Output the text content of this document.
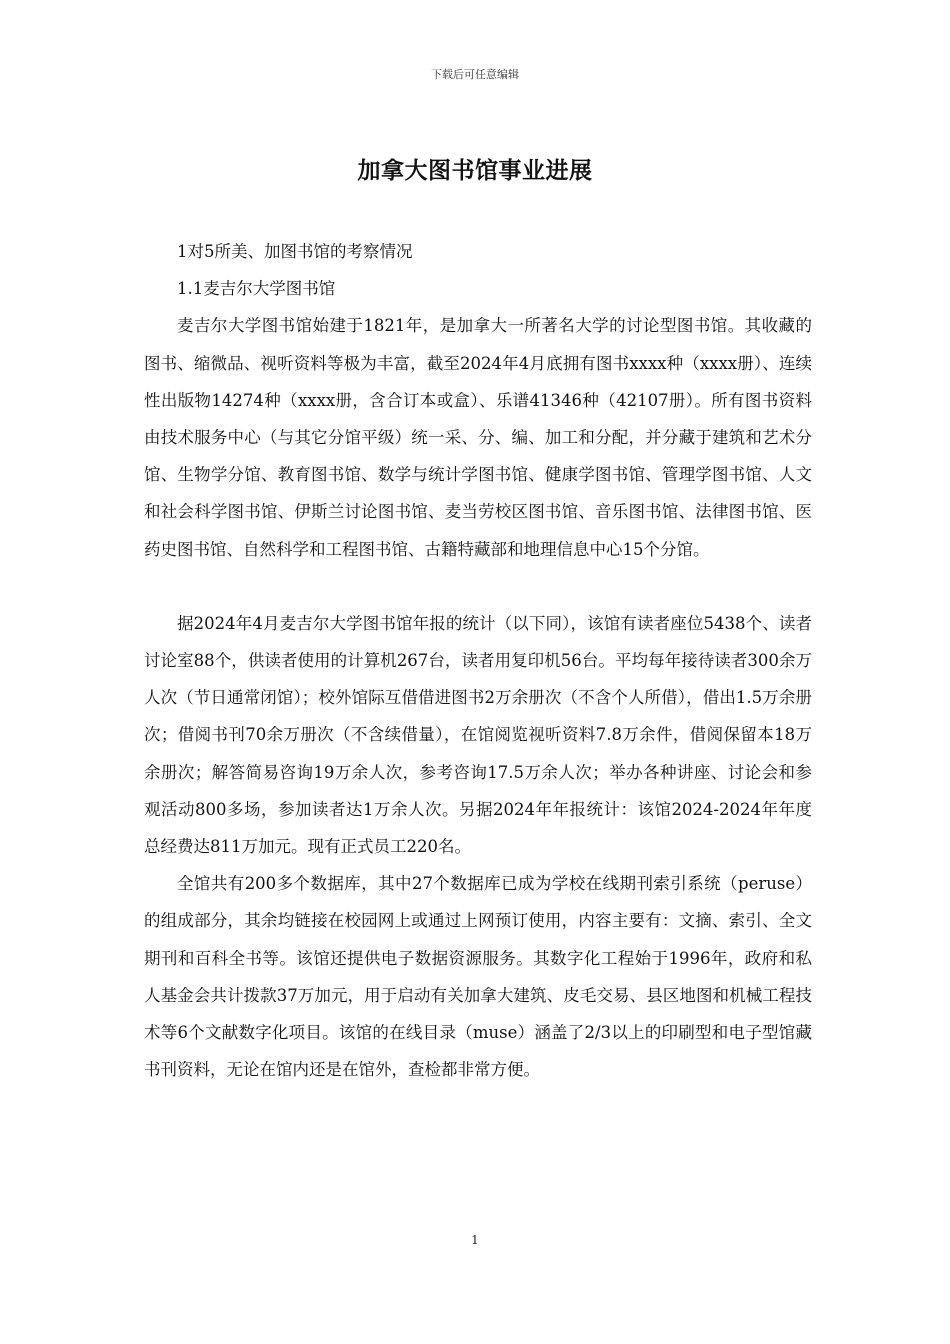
下载后可任意编辑
加拿大图书馆事业进展

1对5所美、加图书馆的考察情况

1.1麦吉尔大学图书馆

麦吉尔大学图书馆始建于1821年，是加拿大一所著名大学的讨论型图书馆。其收藏的图书、缩微品、视听资料等极为丰富，截至2024年4月底拥有图书xxxx种（xxxx册）、连续性出版物14274种（xxxx册，含合订本或盒）、乐谱41346种（42107册）。所有图书资料由技术服务中心（与其它分馆平级）统一采、分、编、加工和分配，并分藏于建筑和艺术分馆、生物学分馆、教育图书馆、数学与统计学图书馆、健康学图书馆、管理学图书馆、人文和社会科学图书馆、伊斯兰讨论图书馆、麦当劳校区图书馆、音乐图书馆、法律图书馆、医药史图书馆、自然科学和工程图书馆、古籍特藏部和地理信息中心15个分馆。

据2024年4月麦吉尔大学图书馆年报的统计（以下同），该馆有读者座位5438个、读者讨论室88个，供读者使用的计算机267台，读者用复印机56台。平均每年接待读者300余万人次（节日通常闭馆）；校外馆际互借借进图书2万余册次（不含个人所借），借出1.5万余册次；借阅书刊70余万册次（不含续借量），在馆阅览视听资料7.8万余件，借阅保留本18万余册次；解答简易咨询19万余人次，参考咨询17.5万余人次；举办各种讲座、讨论会和参观活动800多场，参加读者达1万余人次。另据2024年年报统计：该馆2024-2024年年度总经费达811万加元。现有正式员工220名。

全馆共有200多个数据库，其中27个数据库已成为学校在线期刊索引系统（peruse）的组成部分，其余均链接在校园网上或通过上网预订使用，内容主要有：文摘、索引、全文期刊和百科全书等。该馆还提供电子数据资源服务。其数字化工程始于1996年，政府和私人基金会共计拨款37万加元，用于启动有关加拿大建筑、皮毛交易、县区地图和机械工程技术等6个文献数字化项目。该馆的在线目录（muse）涵盖了2/3以上的印刷型和电子型馆藏书刊资料，无论在馆内还是在馆外，查检都非常方便。

1
